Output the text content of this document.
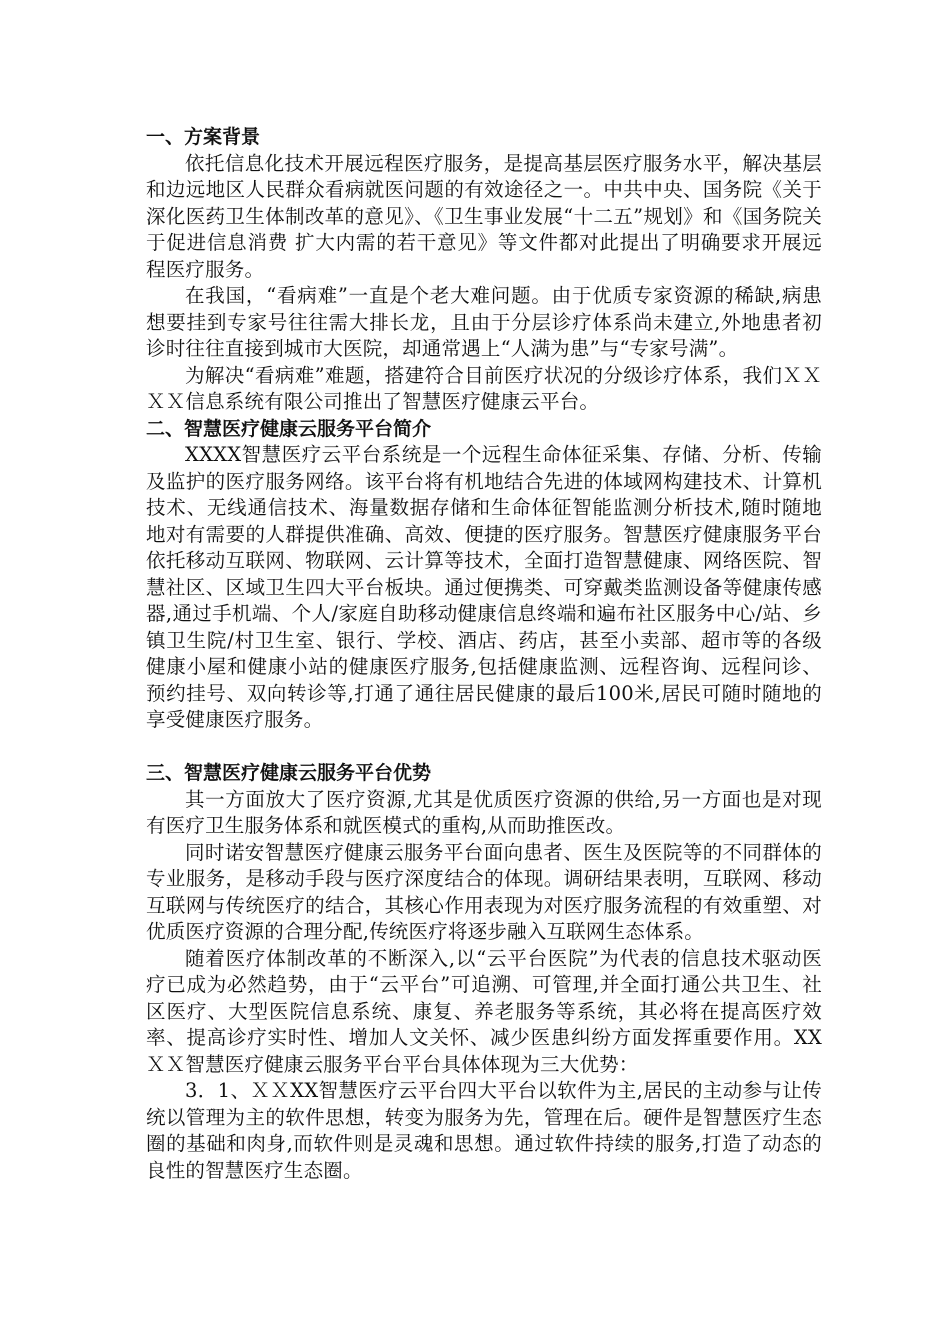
一、方案背景

依托信息化技术开展远程医疗服务，是提高基层医疗服务水平，解决基层和边远地区人民群众看病就医问题的有效途径之一。中共中央、国务院《关于深化医药卫生体制改革的意见》、《卫生事业发展“十二五”规划》和《国务院关于促进信息消费 扩大内需的若干意见》等文件都对此提出了明确要求开展远程医疗服务。

在我国，“看病难”一直是个老大难问题。由于优质专家资源的稀缺,病患想要挂到专家号往往需大排长龙，且由于分层诊疗体系尚未建立,外地患者初诊时往往直接到城市大医院，却通常遇上“人满为患”与“专家号满”。

为解决“看病难”难题，搭建符合目前医疗状况的分级诊疗体系，我们ＸＸＸＸ信息系统有限公司推出了智慧医疗健康云平台。

二、智慧医疗健康云服务平台简介

XXXX智慧医疗云平台系统是一个远程生命体征采集、存储、分析、传输及监护的医疗服务网络。该平台将有机地结合先进的体域网构建技术、计算机技术、无线通信技术、海量数据存储和生命体征智能监测分析技术,随时随地地对有需要的人群提供准确、高效、便捷的医疗服务。智慧医疗健康服务平台依托移动互联网、物联网、云计算等技术，全面打造智慧健康、网络医院、智慧社区、区域卫生四大平台板块。通过便携类、可穿戴类监测设备等健康传感器,通过手机端、个人/家庭自助移动健康信息终端和遍布社区服务中心/站、乡镇卫生院/村卫生室、银行、学校、酒店、药店，甚至小卖部、超市等的各级健康小屋和健康小站的健康医疗服务,包括健康监测、远程咨询、远程问诊、预约挂号、双向转诊等,打通了通往居民健康的最后100米,居民可随时随地的享受健康医疗服务。

三、智慧医疗健康云服务平台优势

其一方面放大了医疗资源,尤其是优质医疗资源的供给,另一方面也是对现有医疗卫生服务体系和就医模式的重构,从而助推医改。

同时诺安智慧医疗健康云服务平台面向患者、医生及医院等的不同群体的专业服务，是移动手段与医疗深度结合的体现。调研结果表明，互联网、移动互联网与传统医疗的结合，其核心作用表现为对医疗服务流程的有效重塑、对优质医疗资源的合理分配,传统医疗将逐步融入互联网生态体系。

随着医疗体制改革的不断深入,以“云平台医院”为代表的信息技术驱动医疗已成为必然趋势，由于“云平台”可追溯、可管理,并全面打通公共卫生、社区医疗、大型医院信息系统、康复、养老服务等系统，其必将在提高医疗效率、提高诊疗实时性、增加人文关怀、减少医患纠纷方面发挥重要作用。XXＸＸ智慧医疗健康云服务平台平台具体体现为三大优势：

3．1、ＸＸXX智慧医疗云平台四大平台以软件为主,居民的主动参与让传统以管理为主的软件思想，转变为服务为先，管理在后。硬件是智慧医疗生态圈的基础和肉身,而软件则是灵魂和思想。通过软件持续的服务,打造了动态的良性的智慧医疗生态圈。
